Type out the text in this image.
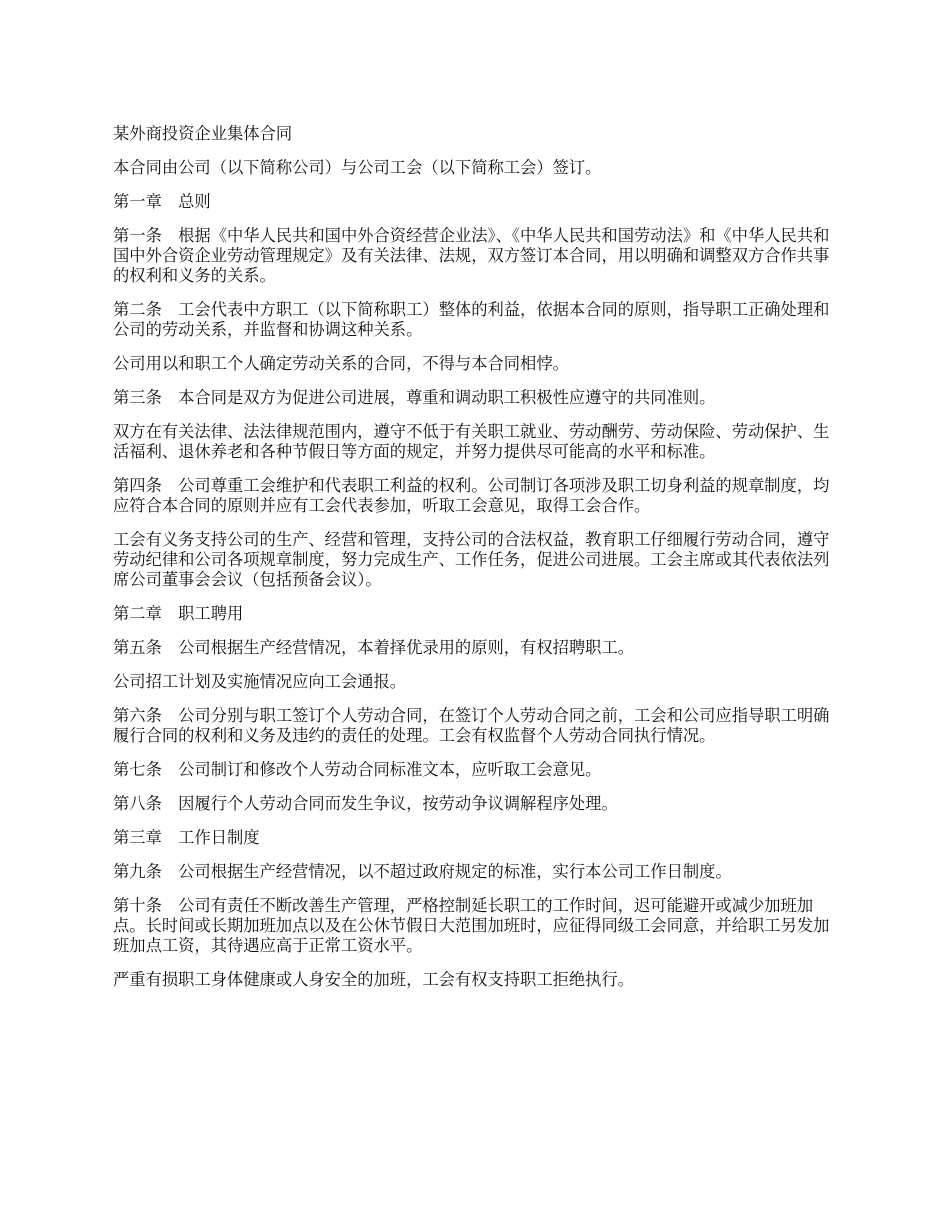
某外商投资企业集体合同

本合同由公司（以下简称公司）与公司工会（以下简称工会）签订。

第一章　总则

第一条　根据《中华人民共和国中外合资经营企业法》、《中华人民共和国劳动法》和《中华人民共和国中外合资企业劳动管理规定》及有关法律、法规，双方签订本合同，用以明确和调整双方合作共事的权利和义务的关系。

第二条　工会代表中方职工（以下简称职工）整体的利益，依据本合同的原则，指导职工正确处理和公司的劳动关系，并监督和协调这种关系。

公司用以和职工个人确定劳动关系的合同，不得与本合同相悖。

第三条　本合同是双方为促进公司进展，尊重和调动职工积极性应遵守的共同准则。

双方在有关法律、法法律规范围内，遵守不低于有关职工就业、劳动酬劳、劳动保险、劳动保护、生活福利、退休养老和各种节假日等方面的规定，并努力提供尽可能高的水平和标准。

第四条　公司尊重工会维护和代表职工利益的权利。公司制订各项涉及职工切身利益的规章制度，均应符合本合同的原则并应有工会代表参加，听取工会意见，取得工会合作。

工会有义务支持公司的生产、经营和管理，支持公司的合法权益，教育职工仔细履行劳动合同，遵守劳动纪律和公司各项规章制度，努力完成生产、工作任务，促进公司进展。工会主席或其代表依法列席公司董事会会议（包括预备会议）。

第二章　职工聘用

第五条　公司根据生产经营情况，本着择优录用的原则，有权招聘职工。

公司招工计划及实施情况应向工会通报。

第六条　公司分别与职工签订个人劳动合同，在签订个人劳动合同之前，工会和公司应指导职工明确履行合同的权利和义务及违约的责任的处理。工会有权监督个人劳动合同执行情况。

第七条　公司制订和修改个人劳动合同标准文本，应听取工会意见。

第八条　因履行个人劳动合同而发生争议，按劳动争议调解程序处理。

第三章　工作日制度

第九条　公司根据生产经营情况，以不超过政府规定的标准，实行本公司工作日制度。

第十条　公司有责任不断改善生产管理，严格控制延长职工的工作时间，迟可能避开或减少加班加点。长时间或长期加班加点以及在公休节假日大范围加班时，应征得同级工会同意，并给职工另发加班加点工资，其待遇应高于正常工资水平。

严重有损职工身体健康或人身安全的加班，工会有权支持职工拒绝执行。
